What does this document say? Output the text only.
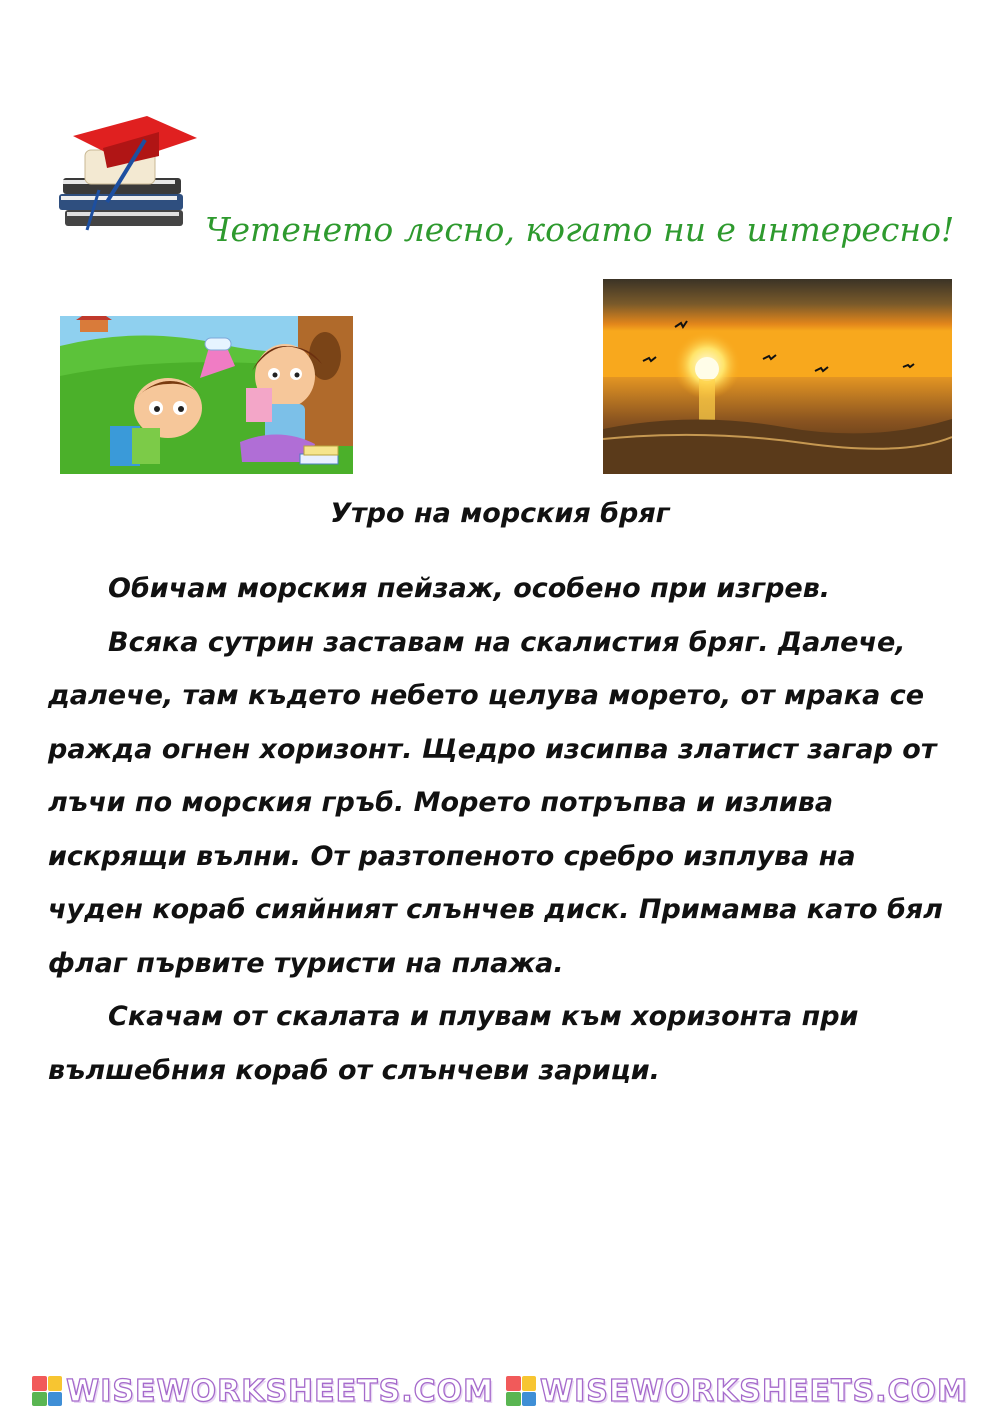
Четенето лесно, когато ни е интересно!
Утро на морския бряг

Обичам морския пейзаж, особено при изгрев.

Всяка сутрин заставам на скалистия бряг. Далече, далече, там където небето целува морето, от мрака се ражда огнен хоризонт. Щедро изсипва златист загар от лъчи по морския гръб. Морето потръпва и излива искрящи вълни. От разтопеното сребро изплува на чуден кораб сияйният слънчев диск. Примамва като бял флаг първите туристи на плажа.

Скачам от скалата и плувам към хоризонта при вълшебния кораб от слънчеви зарици.

WISEWORKSHEETS.COM WISEWORKSHEETS.COM
